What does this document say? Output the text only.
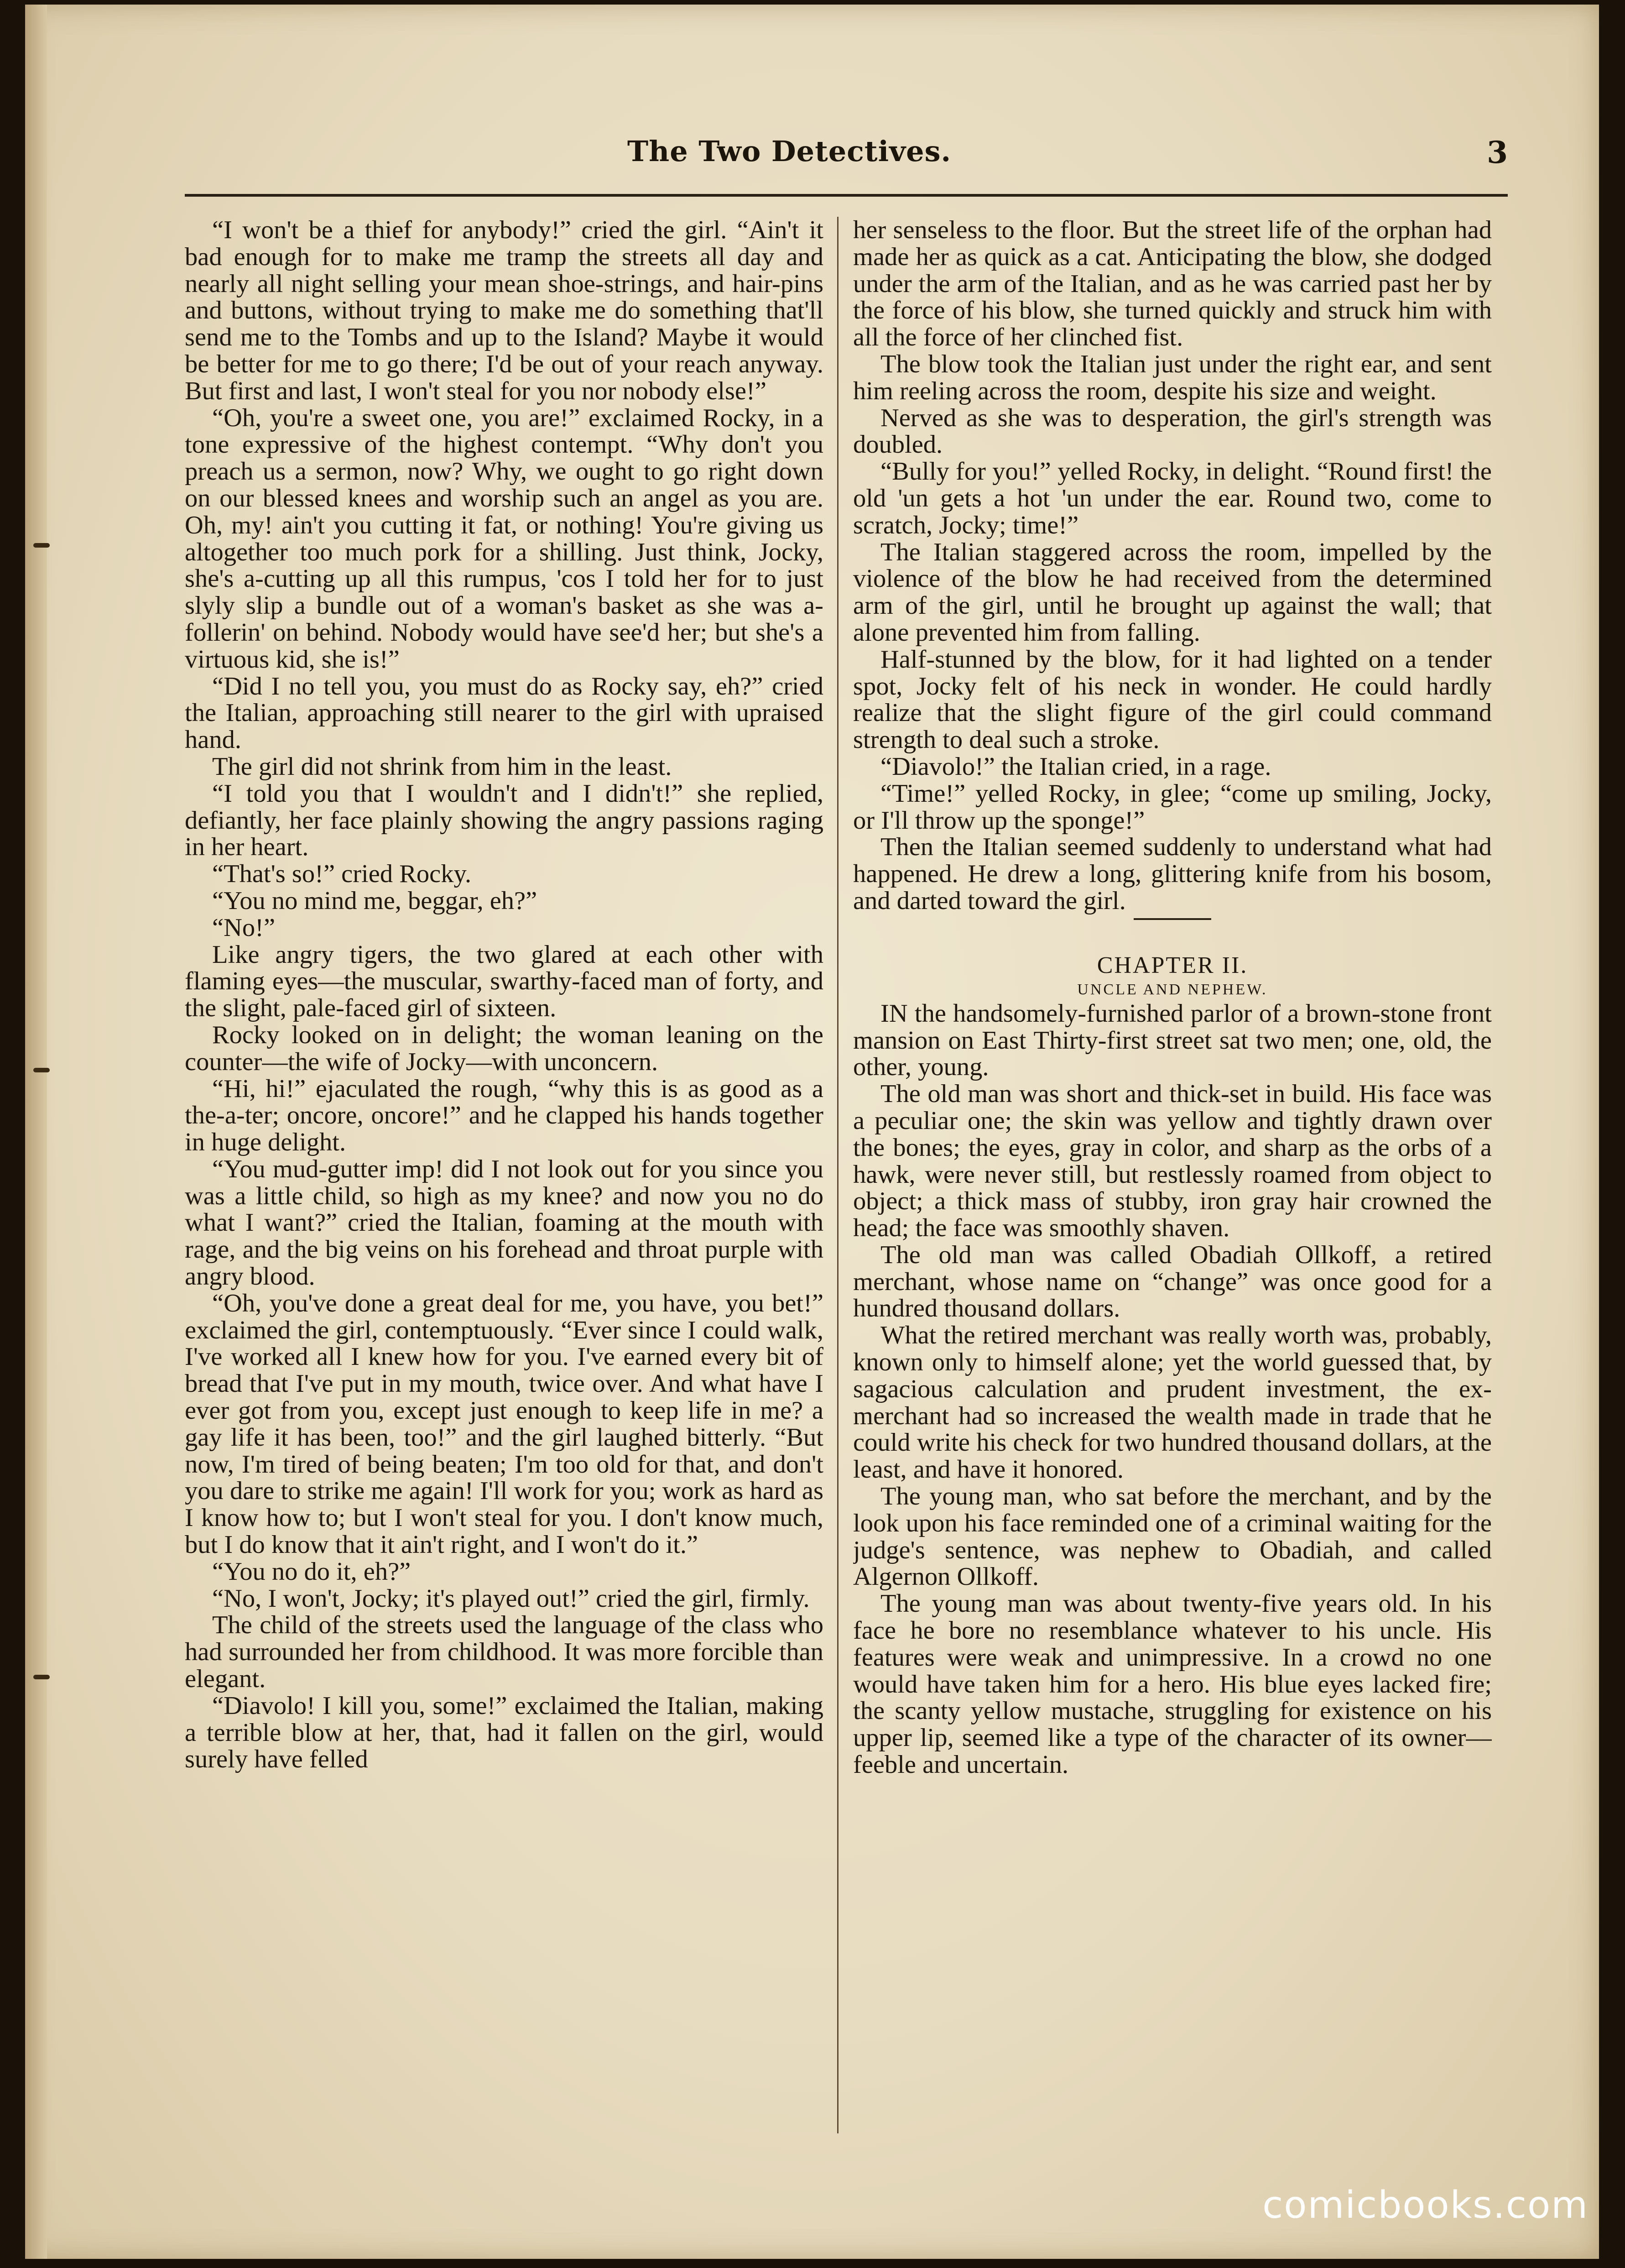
The Two Detectives.	3

“I won't be a thief for anybody!” cried the girl. “Ain't it bad enough for to make me tramp the streets all day and nearly all night selling your mean shoe-strings, and hair-pins and buttons, without trying to make me do something that'll send me to the Tombs and up to the Island? Maybe it would be better for me to go there; I'd be out of your reach anyway. But first and last, I won't steal for you nor nobody else!”

“Oh, you're a sweet one, you are!” exclaimed Rocky, in a tone expressive of the highest contempt. “Why don't you preach us a sermon, now? Why, we ought to go right down on our blessed knees and worship such an angel as you are. Oh, my! ain't you cutting it fat, or nothing! You're giving us altogether too much pork for a shilling. Just think, Jocky, she's a-cutting up all this rumpus, 'cos I told her for to just slyly slip a bundle out of a woman's basket as she was a-follerin' on behind. Nobody would have see'd her; but she's a virtuous kid, she is!”

“Did I no tell you, you must do as Rocky say, eh?” cried the Italian, approaching still nearer to the girl with upraised hand.

The girl did not shrink from him in the least.

“I told you that I wouldn't and I didn't!” she replied, defiantly, her face plainly showing the angry passions raging in her heart.

“That's so!” cried Rocky.

“You no mind me, beggar, eh?”

“No!”

Like angry tigers, the two glared at each other with flaming eyes—the muscular, swarthy-faced man of forty, and the slight, pale-faced girl of sixteen.

Rocky looked on in delight; the woman leaning on the counter—the wife of Jocky—with unconcern.

“Hi, hi!” ejaculated the rough, “why this is as good as a the-a-ter; oncore, oncore!” and he clapped his hands together in huge delight.

“You mud-gutter imp! did I not look out for you since you was a little child, so high as my knee? and now you no do what I want?” cried the Italian, foaming at the mouth with rage, and the big veins on his forehead and throat purple with angry blood.

“Oh, you've done a great deal for me, you have, you bet!” exclaimed the girl, contemptuously. “Ever since I could walk, I've worked all I knew how for you. I've earned every bit of bread that I've put in my mouth, twice over. And what have I ever got from you, except just enough to keep life in me? a gay life it has been, too!” and the girl laughed bitterly. “But now, I'm tired of being beaten; I'm too old for that, and don't you dare to strike me again! I'll work for you; work as hard as I know how to; but I won't steal for you. I don't know much, but I do know that it ain't right, and I won't do it.”

“You no do it, eh?”

“No, I won't, Jocky; it's played out!” cried the girl, firmly.

The child of the streets used the language of the class who had surrounded her from childhood. It was more forcible than elegant.

“Diavolo! I kill you, some!” exclaimed the Italian, making a terrible blow at her, that, had it fallen on the girl, would surely have felled

her senseless to the floor. But the street life of the orphan had made her as quick as a cat. Anticipating the blow, she dodged under the arm of the Italian, and as he was carried past her by the force of his blow, she turned quickly and struck him with all the force of her clinched fist.

The blow took the Italian just under the right ear, and sent him reeling across the room, despite his size and weight.

Nerved as she was to desperation, the girl's strength was doubled.

“Bully for you!” yelled Rocky, in delight. “Round first! the old 'un gets a hot 'un under the ear. Round two, come to scratch, Jocky; time!”

The Italian staggered across the room, impelled by the violence of the blow he had received from the determined arm of the girl, until he brought up against the wall; that alone prevented him from falling.

Half-stunned by the blow, for it had lighted on a tender spot, Jocky felt of his neck in wonder. He could hardly realize that the slight figure of the girl could command strength to deal such a stroke.

“Diavolo!” the Italian cried, in a rage.

“Time!” yelled Rocky, in glee; “come up smiling, Jocky, or I'll throw up the sponge!”

Then the Italian seemed suddenly to understand what had happened. He drew a long, glittering knife from his bosom, and darted toward the girl.

CHAPTER II.
UNCLE AND NEPHEW.

IN the handsomely-furnished parlor of a brown-stone front mansion on East Thirty-first street sat two men; one, old, the other, young.

The old man was short and thick-set in build. His face was a peculiar one; the skin was yellow and tightly drawn over the bones; the eyes, gray in color, and sharp as the orbs of a hawk, were never still, but restlessly roamed from object to object; a thick mass of stubby, iron gray hair crowned the head; the face was smoothly shaven.

The old man was called Obadiah Ollkoff, a retired merchant, whose name on “change” was once good for a hundred thousand dollars.

What the retired merchant was really worth was, probably, known only to himself alone; yet the world guessed that, by sagacious calculation and prudent investment, the ex-merchant had so increased the wealth made in trade that he could write his check for two hundred thousand dollars, at the least, and have it honored.

The young man, who sat before the merchant, and by the look upon his face reminded one of a criminal waiting for the judge's sentence, was nephew to Obadiah, and called Algernon Ollkoff.

The young man was about twenty-five years old. In his face he bore no resemblance whatever to his uncle. His features were weak and unimpressive. In a crowd no one would have taken him for a hero. His blue eyes lacked fire; the scanty yellow mustache, struggling for existence on his upper lip, seemed like a type of the character of its owner—feeble and uncertain.

comicbooks.com
